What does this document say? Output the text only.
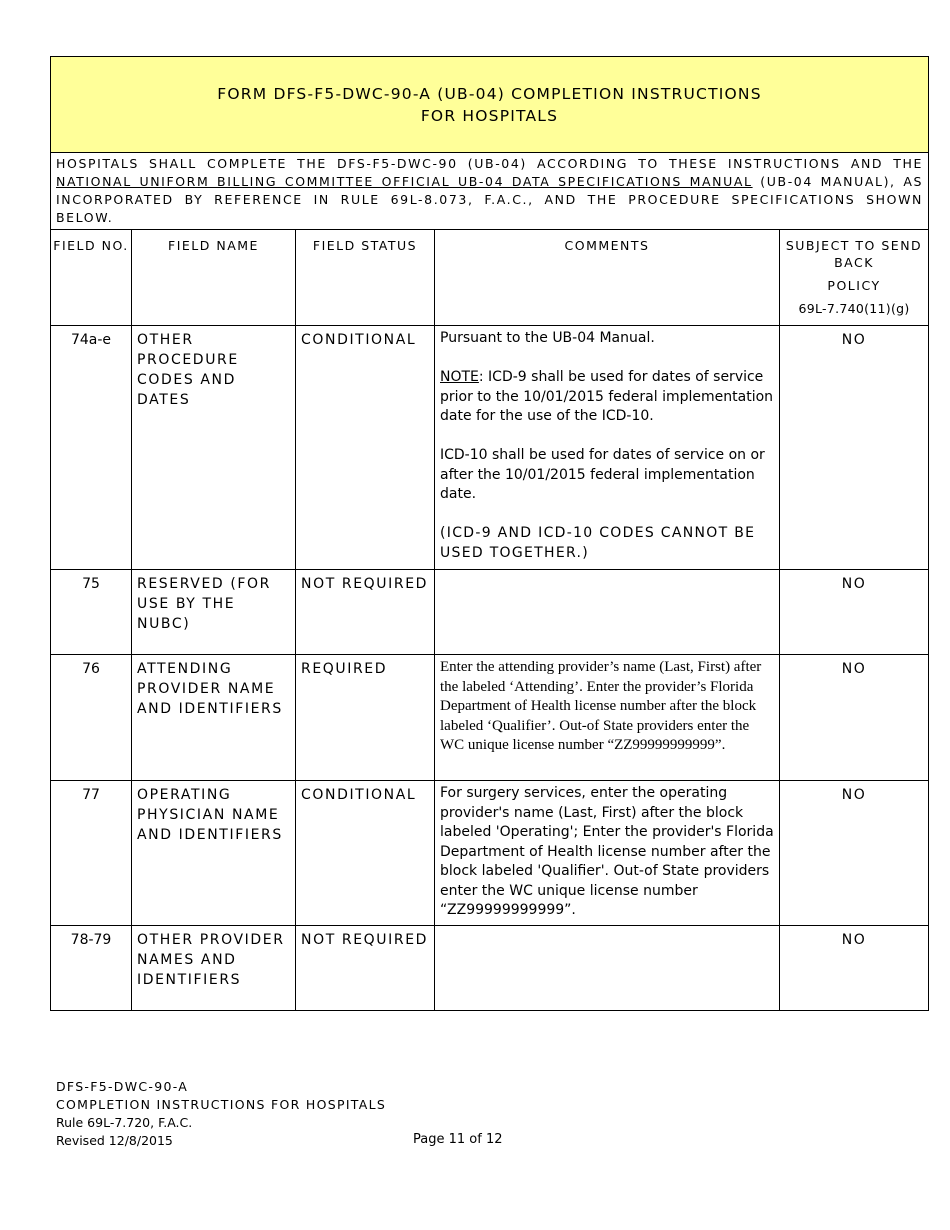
FORM DFS-F5-DWC-90-A (UB-04) COMPLETION INSTRUCTIONS
FOR HOSPITALS				

HOSPITALS SHALL COMPLETE THE DFS-F5-DWC-90 (UB-04) ACCORDING TO THESE INSTRUCTIONS AND THE NATIONAL UNIFORM BILLING COMMITTEE OFFICIAL UB-04 DATA SPECIFICATIONS MANUAL (UB-04 MANUAL), AS INCORPORATED BY REFERENCE IN RULE 69L-8.073, F.A.C., AND THE PROCEDURE SPECIFICATIONS SHOWN BELOW.				
FIELD NO.	FIELD NAME	FIELD STATUS	COMMENTS	SUBJECT TO SEND BACK
POLICY
69L-7.740(11)(g)

74a-e	OTHER PROCEDURE CODES AND DATES	CONDITIONAL	Pursuant to the UB-04 Manual.

NOTE: ICD-9 shall be used for dates of service prior to the 10/01/2015 federal implementation date for the use of the ICD-10.

ICD-10 shall be used for dates of service on or after the 10/01/2015 federal implementation date.

(ICD-9 AND ICD-10 CODES CANNOT BE USED TOGETHER.)	NO
75	RESERVED (FOR USE BY THE NUBC)	NOT REQUIRED		NO
76	ATTENDING PROVIDER NAME AND IDENTIFIERS	REQUIRED	Enter the attending provider’s name (Last, First) after the labeled ‘Attending’. Enter the provider’s Florida Department of Health license number after the block labeled ‘Qualifier’. Out-of State providers enter the WC unique license number “ZZ99999999999”.	NO
77	OPERATING PHYSICIAN NAME AND IDENTIFIERS	CONDITIONAL	For surgery services, enter the operating provider's name (Last, First) after the block labeled 'Operating'; Enter the provider's Florida Department of Health license number after the block labeled 'Qualifier'. Out-of State providers enter the WC unique license number “ZZ99999999999”.	NO
78-79	OTHER PROVIDER NAMES AND IDENTIFIERS	NOT REQUIRED		NO
DFS-F5-DWC-90-A
COMPLETION INSTRUCTIONS FOR HOSPITALS
Rule 69L-7.720, F.A.C.
Revised 12/8/2015	Page 11 of 12
